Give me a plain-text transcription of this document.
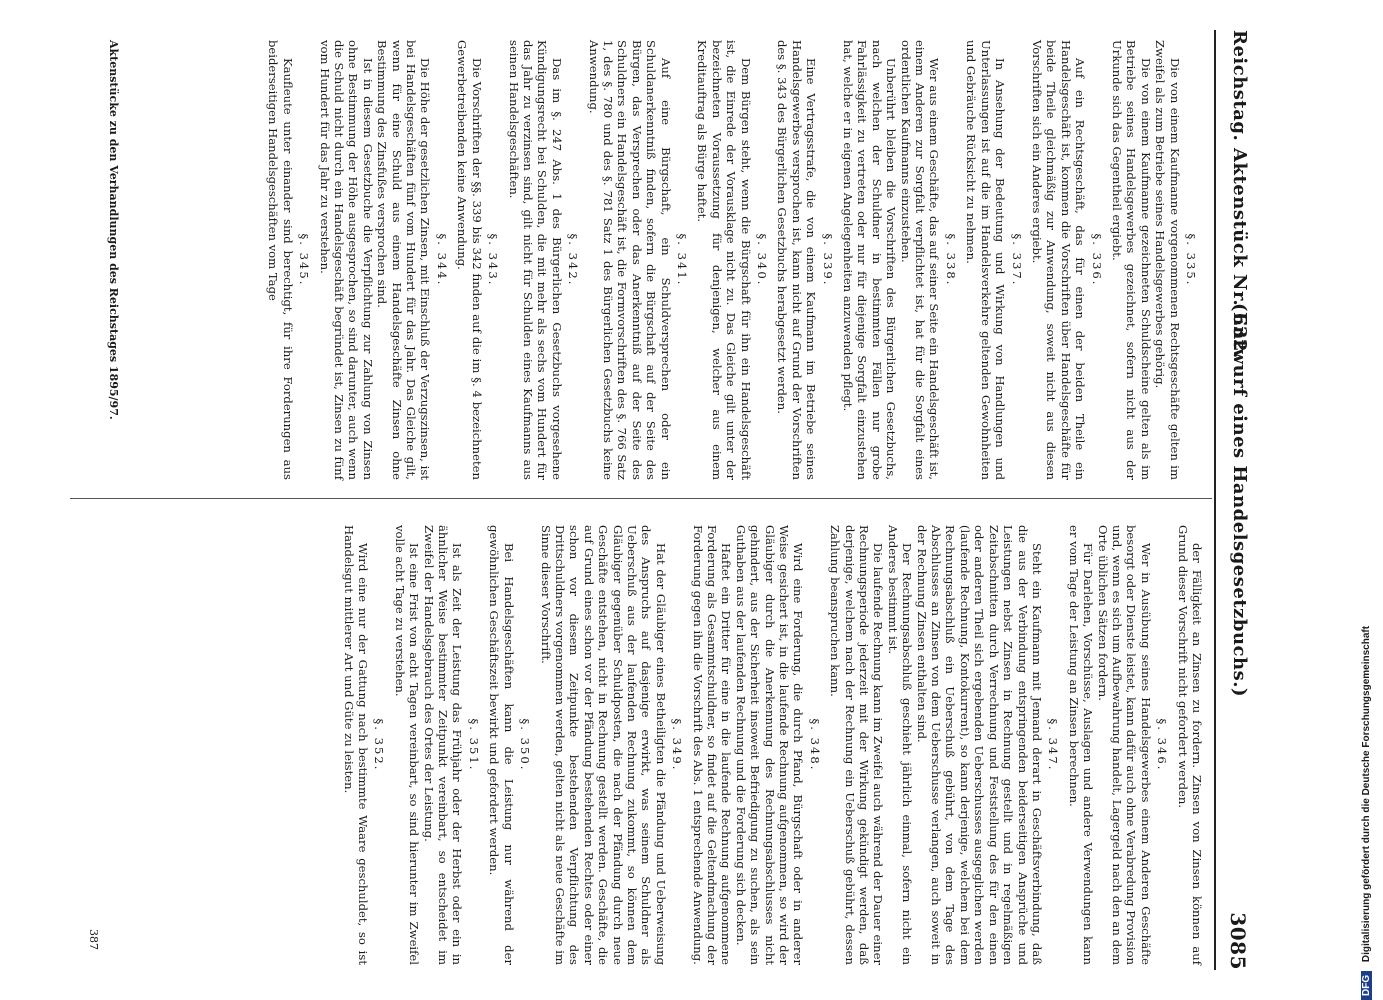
Reichstag. Aktenstück Nr. 632.
(Entwurf eines Handelsgesetzbuchs.)
3085
§. 335.

Die von einem Kaufmanne vorgenommenen Rechtsgeschäfte gelten im Zweifel als zum Betriebe seines Handelsgewerbes gehörig.

Die von einem Kaufmanne gezeichneten Schuldscheine gelten als im Betriebe seines Handelsgewerbes gezeichnet, sofern nicht aus der Urkunde sich das Gegentheil ergiebt.

§. 336.

Auf ein Rechtsgeschäft, das für einen der beiden Theile ein Handelsgeschäft ist, kommen die Vorschriften über Handelsgeschäfte für beide Theile gleichmäßig zur Anwendung, soweit nicht aus diesen Vorschriften sich ein Anderes ergiebt.

§. 337.

In Ansehung der Bedeutung und Wirkung von Handlungen und Unterlassungen ist auf die im Handelsverkehre geltenden Gewohnheiten und Gebräuche Rücksicht zu nehmen.

§. 338.

Wer aus einem Geschäfte, das auf seiner Seite ein Handelsgeschäft ist, einem Anderen zur Sorgfalt verpflichtet ist, hat für die Sorgfalt eines ordentlichen Kaufmanns einzustehen.

Unberührt bleiben die Vorschriften des Bürgerlichen Gesetzbuchs, nach welchen der Schuldner in bestimmten Fällen nur grobe Fahrlässigkeit zu vertreten oder nur für diejenige Sorgfalt einzustehen hat, welche er in eigenen Angelegenheiten anzuwenden pflegt.

§. 339.

Eine Vertragsstrafe, die von einem Kaufmann im Betriebe seines Handelsgewerbes versprochen ist, kann nicht auf Grund der Vorschriften des §. 343 des Bürgerlichen Gesetzbuchs herabgesetzt werden.

§. 340.

Dem Bürgen steht, wenn die Bürgschaft für ihn ein Handelsgeschäft ist, die Einrede der Vorausklage nicht zu. Das Gleiche gilt unter der bezeichneten Voraussetzung für denjenigen, welcher aus einem Kreditauftrag als Bürge haftet.

§. 341.

Auf eine Bürgschaft, ein Schuldversprechen oder ein Schuldanerkenntniß finden, sofern die Bürgschaft auf der Seite des Bürgen, das Versprechen oder das Anerkenntniß auf der Seite des Schuldners ein Handelsgeschäft ist, die Formvorschriften des §. 766 Satz 1, des §. 780 und des §. 781 Satz 1 des Bürgerlichen Gesetzbuchs keine Anwendung.

§. 342.

Das im §. 247 Abs. 1 des Bürgerlichen Gesetzbuchs vorgesehene Kündigungsrecht bei Schulden, die mit mehr als sechs vom Hundert für das Jahr zu verzinsen sind, gilt nicht für Schulden eines Kaufmanns aus seinen Handelsgeschäften.

§. 343.

Die Vorschriften der §§. 339 bis 342 finden auf die im §. 4 bezeichneten Gewerbetreibenden keine Anwendung.

§. 344.

Die Höhe der gesetzlichen Zinsen, mit Einschluß der Verzugszinsen, ist bei Handelsgeschäften fünf vom Hundert für das Jahr. Das Gleiche gilt, wenn für eine Schuld aus einem Handelsgeschäfte Zinsen ohne Bestimmung des Zinsfußes versprochen sind.

Ist in diesem Gesetzbuche die Verpflichtung zur Zahlung von Zinsen ohne Bestimmung der Höhe ausgesprochen, so sind darunter, auch wenn die Schuld nicht durch ein Handelsgeschäft begründet ist, Zinsen zu fünf vom Hundert für das Jahr zu verstehen.

§. 345.

Kaufleute unter einander sind berechtigt, für ihre Forderungen aus beiderseitigen Handelsgeschäften vom Tage

der Fälligkeit an Zinsen zu fordern. Zinsen von Zinsen können auf Grund dieser Vorschrift nicht gefordert werden.

§. 346.

Wer in Ausübung seines Handelsgewerbes einem Anderen Geschäfte besorgt oder Dienste leistet, kann dafür auch ohne Verabredung Provision und, wenn es sich um Aufbewahrung handelt, Lagergeld nach den an dem Orte üblichen Sätzen fordern.

Für Darlehen, Vorschüsse, Auslagen und andere Verwendungen kann er vom Tage der Leistung an Zinsen berechnen.

§. 347.

Steht ein Kaufmann mit Jemand derart in Geschäftsverbindung, daß die aus der Verbindung entspringenden beiderseitigen Ansprüche und Leistungen nebst Zinsen in Rechnung gestellt und in regelmäßigen Zeitabschnitten durch Verrechnung und Feststellung des für den einen oder anderen Theil sich ergebenden Ueberschusses ausgeglichen werden (laufende Rechnung, Kontokurrent), so kann derjenige, welchem bei dem Rechnungsabschluß ein Ueberschuß gebührt, von dem Tage des Abschlusses an Zinsen von dem Ueberschusse verlangen, auch soweit in der Rechnung Zinsen enthalten sind.

Der Rechnungsabschluß geschieht jährlich einmal, sofern nicht ein Anderes bestimmt ist.

Die laufende Rechnung kann im Zweifel auch während der Dauer einer Rechnungsperiode jederzeit mit der Wirkung gekündigt werden, daß derjenige, welchem nach der Rechnung ein Ueberschuß gebührt, dessen Zahlung beanspruchen kann.

§. 348.

Wird eine Forderung, die durch Pfand, Bürgschaft oder in anderer Weise gesichert ist, in die laufende Rechnung aufgenommen, so wird der Gläubiger durch die Anerkennung des Rechnungsabschlusses nicht gehindert, aus der Sicherheit insoweit Befriedigung zu suchen, als sein Guthaben aus der laufenden Rechnung und die Forderung sich decken.

Haftet ein Dritter für eine in die laufende Rechnung aufgenommene Forderung als Gesammtschuldner, so findet auf die Geltendmachung der Forderung gegen ihn die Vorschrift des Abs. 1 entsprechende Anwendung.

§. 349.

Hat der Gläubiger eines Betheiligten die Pfändung und Ueberweisung des Anspruchs auf dasjenige erwirkt, was seinem Schuldner als Ueberschuß aus der laufenden Rechnung zukommt, so können dem Gläubiger gegenüber Schuldposten, die nach der Pfändung durch neue Geschäfte entstehen, nicht in Rechnung gestellt werden. Geschäfte, die auf Grund eines schon vor der Pfändung bestehenden Rechtes oder einer schon vor diesem Zeitpunkte bestehenden Verpflichtung des Drittschuldners vorgenommen werden, gelten nicht als neue Geschäfte im Sinne dieser Vorschrift.

§. 350.

Bei Handelsgeschäften kann die Leistung nur während der gewöhnlichen Geschäftszeit bewirkt und gefordert werden.

§. 351.

Ist als Zeit der Leistung das Frühjahr oder der Herbst oder ein in ähnlicher Weise bestimmter Zeitpunkt vereinbart, so entscheidet im Zweifel der Handelsgebrauch des Ortes der Leistung.

Ist eine Frist von acht Tagen vereinbart, so sind hierunter im Zweifel volle acht Tage zu verstehen.

§. 352.

Wird eine nur der Gattung nach bestimmte Waare geschuldet, so ist Handelsgut mittlerer Art und Güte zu leisten.

Aktenstücke zu den Verhandlungen des Reichstages 1895/97.
387
DFG Digitalisierung gefördert durch die Deutsche Forschungsgemeinschaft
